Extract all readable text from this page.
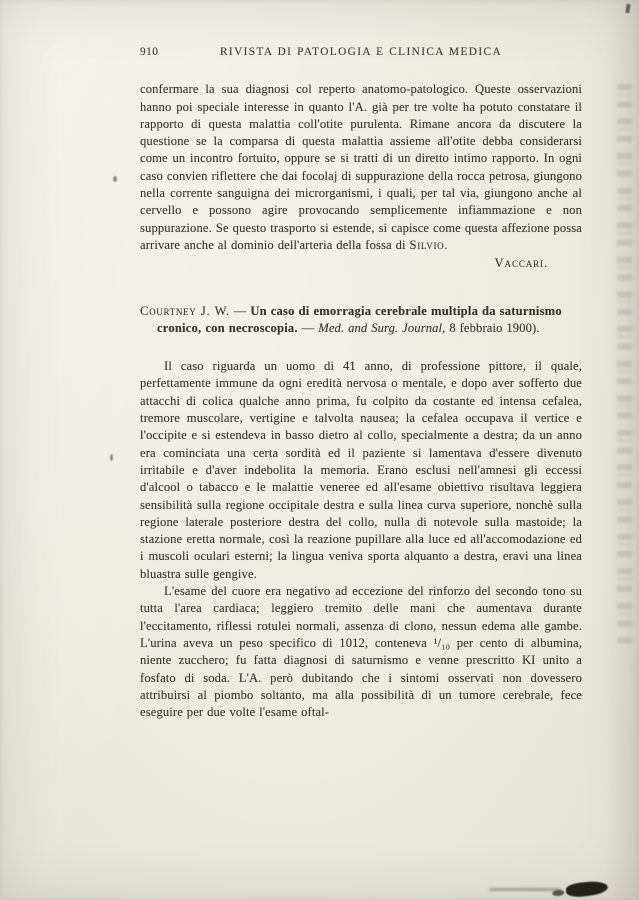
910	RIVISTA DI PATOLOGIA E CLINICA MEDICA

confermare la sua diagnosi col reperto anatomo-patologico. Queste osservazioni hanno poi speciale interesse in quanto l'A. già per tre volte ha potuto constatare il rapporto di questa malattia coll'otite purulenta. Rimane ancora da discutere la questione se la comparsa di questa malattia assieme all'otite debba considerarsi come un incontro fortuito, oppure se si tratti di un diretto intimo rapporto. In ogni caso convien riflettere che dai focolaj di suppurazione della rocca petrosa, giungono nella corrente sanguigna dei microrganismi, i quali, per tal via, giungono anche al cervello e possono agire provocando semplicemente infiammazione e non suppurazione. Se questo trasporto si estende, si capisce come questa affezione possa arrivare anche al dominio dell'arteria della fossa di Silvio.

Vaccari.

Courtney J. W. — Un caso di emorragia cerebrale multipla da saturnismo cronico, con necroscopia. — Med. and Surg. Journal, 8 febbraio 1900).

Il caso riguarda un uomo di 41 anno, di professione pittore, il quale, perfettamente immune da ogni eredità nervosa o mentale, e dopo aver sofferto due attacchi di colica qualche anno prima, fu colpito da costante ed intensa cefalea, tremore muscolare, vertigine e talvolta nausea; la cefalea occupava il vertice e l'occipite e si estendeva in basso dietro al collo, specialmente a destra; da un anno era cominciata una certa sordità ed il paziente si lamentava d'essere divenuto irritabile e d'aver indebolita la memoria. Erano esclusi nell'amnesi gli eccessi d'alcool o tabacco e le malattie veneree ed all'esame obiettivo risultava leggiera sensibilità sulla regione occipitale destra e sulla linea curva superiore, nonchè sulla regione laterale posteriore destra del collo, nulla di notevole sulla mastoide; la stazione eretta normale, così la reazione pupillare alla luce ed all'accomodazione ed i muscoli oculari esterni; la lingua veniva sporta alquanto a destra, eravi una linea bluastra sulle gengive.

L'esame del cuore era negativo ad eccezione del rinforzo del secondo tono su tutta l'area cardiaca; leggiero tremito delle mani che aumentava durante l'eccitamento, riflessi rotulei normali, assenza di clono, nessun edema alle gambe. L'urina aveva un peso specifico di 1012, conteneva ¹/₁₀ per cento di albumina, niente zucchero; fu fatta diagnosi di saturnismo e venne prescritto KI unito a fosfato di soda. L'A. però dubitando che i sintomi osservati non dovessero attribuirsi al piombo soltanto, ma alla possibilità di un tumore cerebrale, fece eseguire per due volte l'esame oftal-
